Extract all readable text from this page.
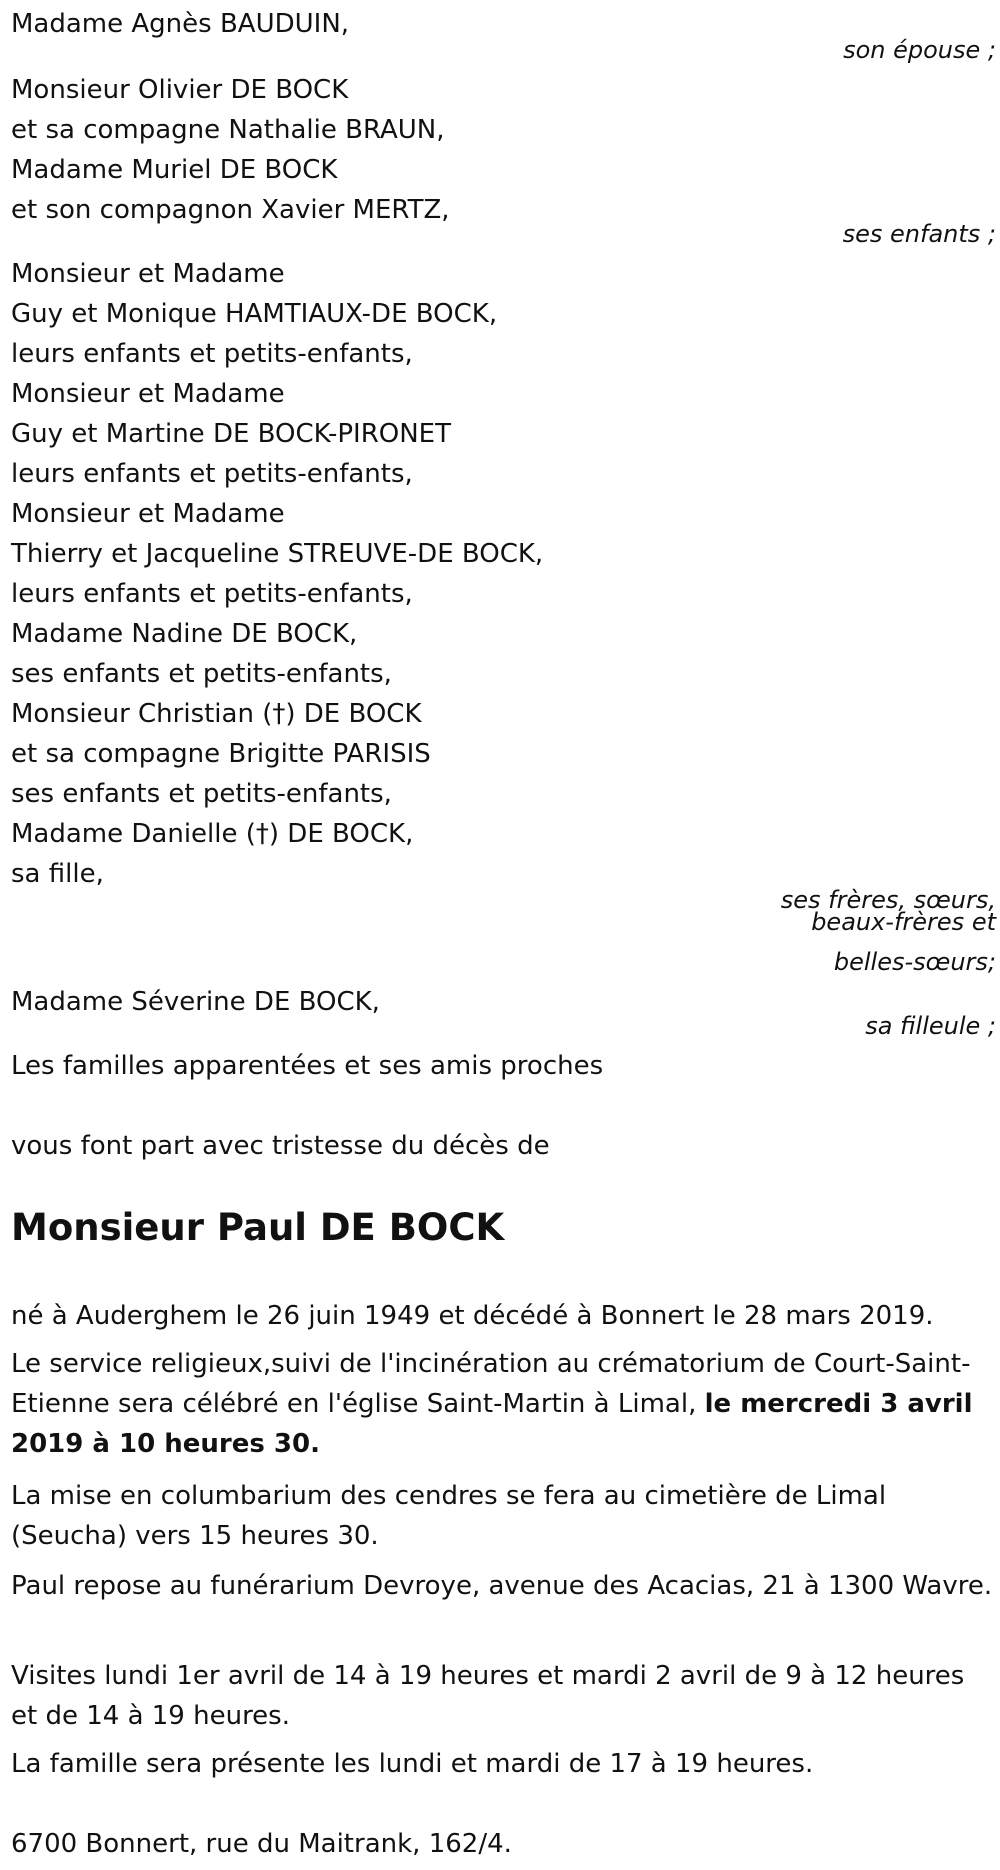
Madame Agnès BAUDUIN,

son épouse ;

Monsieur Olivier DE BOCK

et sa compagne Nathalie BRAUN,

Madame Muriel DE BOCK

et son compagnon Xavier MERTZ,

ses enfants ;

Monsieur et Madame

Guy et Monique HAMTIAUX-DE BOCK,

leurs enfants et petits-enfants,

Monsieur et Madame

Guy et Martine DE BOCK-PIRONET

leurs enfants et petits-enfants,

Monsieur et Madame

Thierry et Jacqueline STREUVE-DE BOCK,

leurs enfants et petits-enfants,

Madame Nadine DE BOCK,

ses enfants et petits-enfants,

Monsieur Christian (†) DE BOCK

et sa compagne Brigitte PARISIS

ses enfants et petits-enfants,

Madame Danielle (†) DE BOCK,

sa fille,

ses frères, sœurs,

beaux-frères et

belles-sœurs;

Madame Séverine DE BOCK,

sa filleule ;

Les familles apparentées et ses amis proches

vous font part avec tristesse du décès de

Monsieur Paul DE BOCK

né à Auderghem le 26 juin 1949 et décédé à Bonnert le 28 mars 2019.

Le service religieux,suivi de l'incinération au crématorium de Court-Saint-Etienne sera célébré en l'église Saint-Martin à Limal, le mercredi 3 avril 2019 à 10 heures 30.

La mise en columbarium des cendres se fera au cimetière de Limal (Seucha) vers 15 heures 30.

Paul repose au funérarium Devroye, avenue des Acacias, 21 à 1300 Wavre.

Visites lundi 1er avril de 14 à 19 heures et mardi 2 avril de 9 à 12 heures et de 14 à 19 heures.

La famille sera présente les lundi et mardi de 17 à 19 heures.

6700 Bonnert, rue du Maitrank, 162/4.
